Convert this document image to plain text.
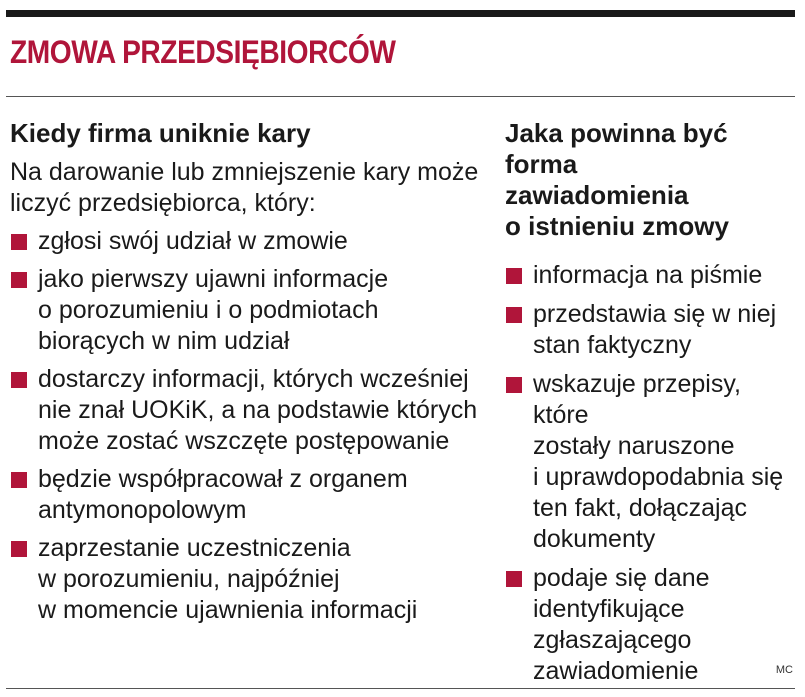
ZMOWA PRZEDSIĘBIORCÓW
Kiedy firma uniknie kary
Na darowanie lub zmniejszenie kary może
liczyć przedsiębiorca, który:
zgłosi swój udział w zmowie
jako pierwszy ujawni informacje
o porozumieniu i o podmiotach
biorących w nim udział
dostarczy informacji, których wcześniej
nie znał UOKiK, a na podstawie których
może zostać wszczęte postępowanie
będzie współpracował z organem
antymonopolowym
zaprzestanie uczestniczenia
w porozumieniu, najpóźniej
w momencie ujawnienia informacji
Jaka powinna być forma
zawiadomienia
o istnieniu zmowy
informacja na piśmie
przedstawia się w niej
stan faktyczny
wskazuje przepisy, które
zostały naruszone
i uprawdopodabnia się
ten fakt, dołączając
dokumenty
podaje się dane
identyfikujące
zgłaszającego
zawiadomienie	MC
